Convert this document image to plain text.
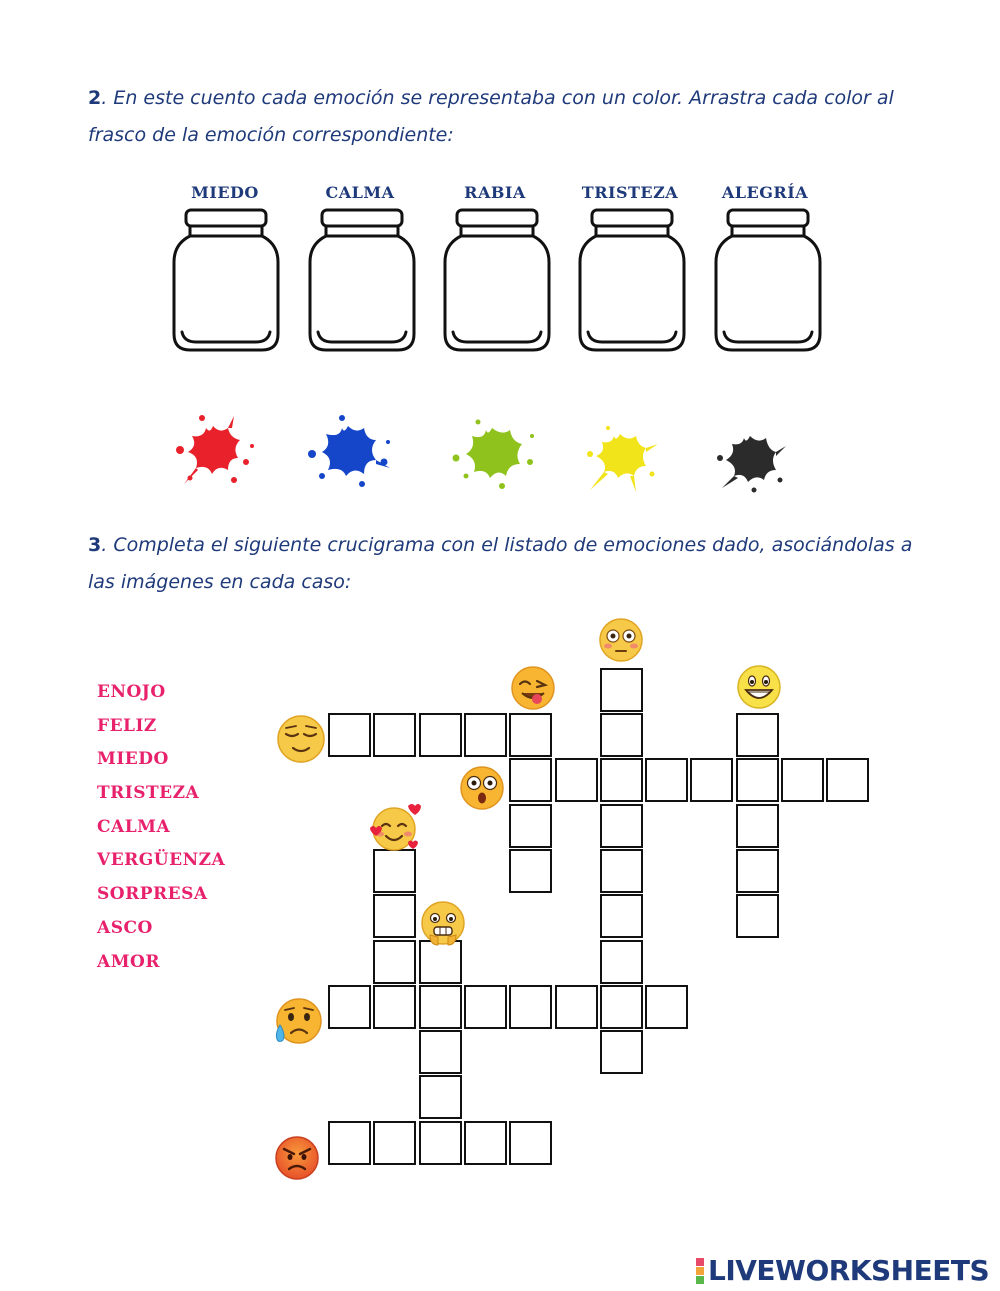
2. En este cuento cada emoción se representaba con un color. Arrastra cada color al frasco de la emoción correspondiente:
MIEDO	CALMA	RABIA	TRISTEZA	ALEGRÍA
3. Completa el siguiente crucigrama con el listado de emociones dado, asociándolas a las imágenes en cada caso:
ENOJO
FELIZ
MIEDO
TRISTEZA
CALMA
VERGÜENZA
SORPRESA
ASCO
AMOR
LIVEWORKSHEETS
